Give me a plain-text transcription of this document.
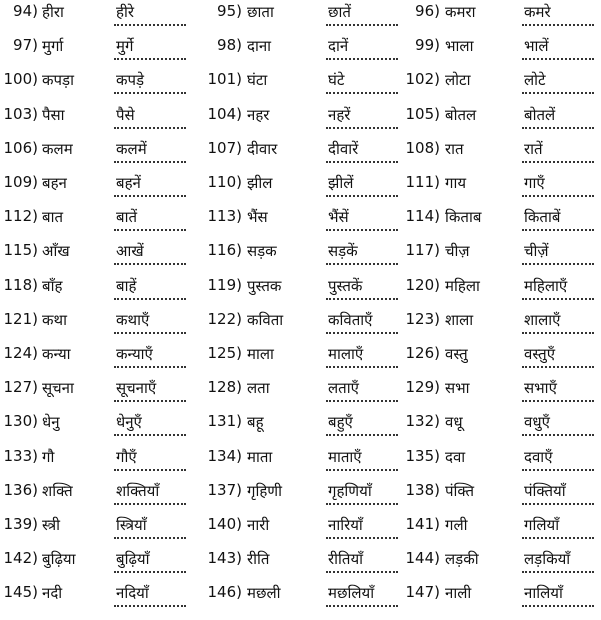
94) हीरा	हीरे	95) छाता	छातें	96) कमरा	कमरे
97) मुर्गा	मुर्गे	98) दाना	दानें	99) भाला	भालें
100) कपड़ा	कपड़े	101) घंटा	घंटे	102) लोटा	लोटे
103) पैसा	पैसे	104) नहर	नहरें	105) बोतल	बोतलें
106) कलम	कलमें	107) दीवार	दीवारें	108) रात	रातें
109) बहन	बहनें	110) झील	झीलें	111) गाय	गाएँ
112) बात	बातें	113) भैंस	भैंसें	114) किताब	किताबें
115) आँख	आखें	116) सड़क	सड़कें	117) चीज़	चीज़ें
118) बाँह	बाहें	119) पुस्तक	पुस्तकें	120) महिला	महिलाएँ
121) कथा	कथाएँ	122) कविता	कविताएँ	123) शाला	शालाएँ
124) कन्या	कन्याएँ	125) माला	मालाएँ	126) वस्तु	वस्तुएँ
127) सूचना	सूचनाएँ	128) लता	लताएँ	129) सभा	सभाएँ
130) धेनु	धेनुएँ	131) बहू	बहुएँ	132) वधू	वधुएँ
133) गौ	गौएँ	134) माता	माताएँ	135) दवा	दवाएँ
136) शक्ति	शक्तियाँ	137) गृहिणी	गृहणियाँ	138) पंक्ति	पंक्तियाँ
139) स्त्री	स्त्रियाँ	140) नारी	नारियाँ	141) गली	गलियाँ
142) बुढ़िया	बुढ़ियाँ	143) रीति	रीतियाँ	144) लड़की	लड़कियाँ
145) नदी	नदियाँ	146) मछली	मछलियाँ	147) नाली	नालियाँ
